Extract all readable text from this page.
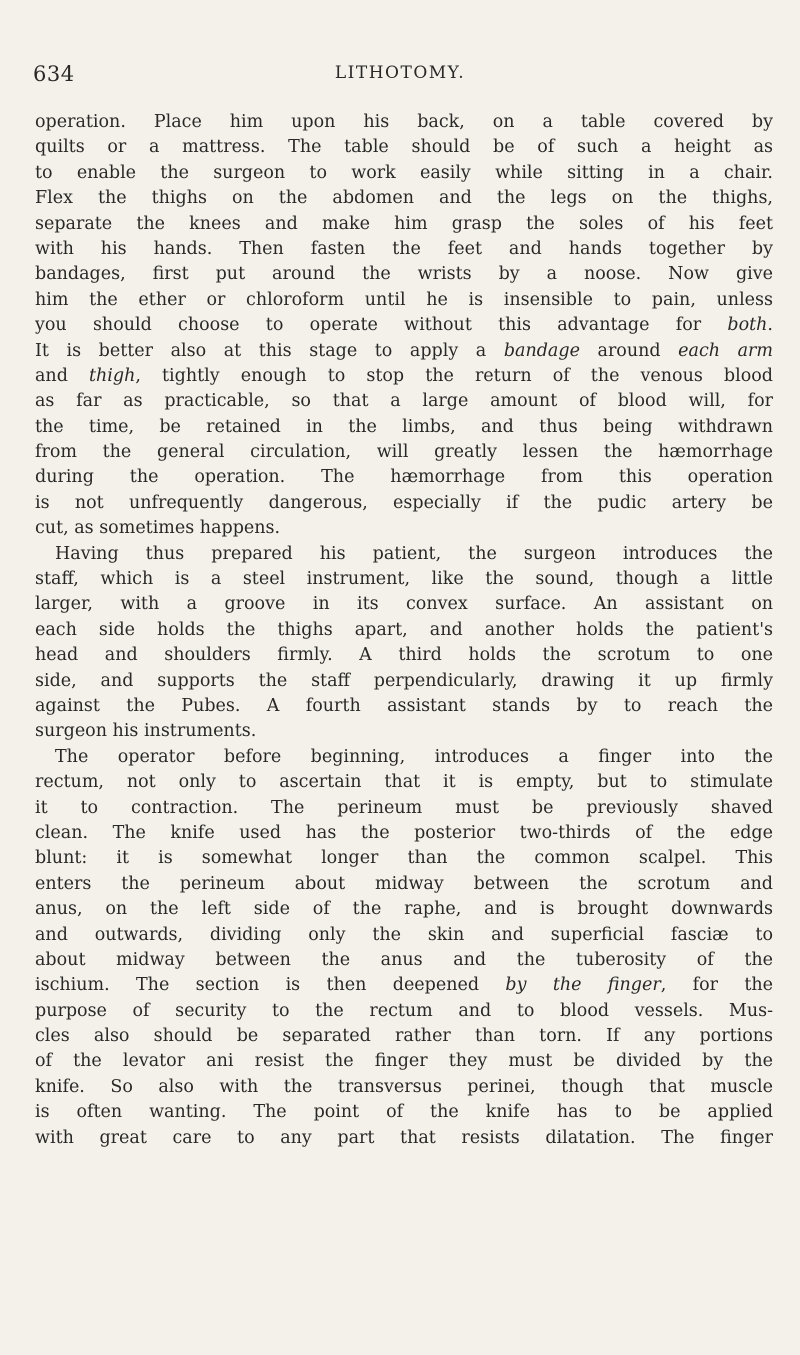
634	LITHOTOMY.
operation. Place him upon his back, on a table covered by
quilts or a mattress. The table should be of such a height as
to enable the surgeon to work easily while sitting in a chair.
Flex the thighs on the abdomen and the legs on the thighs,
separate the knees and make him grasp the soles of his feet
with his hands. Then fasten the feet and hands together by
bandages, first put around the wrists by a noose. Now give
him the ether or chloroform until he is insensible to pain, unless
you should choose to operate without this advantage for both.
It is better also at this stage to apply a bandage around each arm
and thigh, tightly enough to stop the return of the venous blood
as far as practicable, so that a large amount of blood will, for
the time, be retained in the limbs, and thus being withdrawn
from the general circulation, will greatly lessen the hæmorrhage
during the operation. The hæmorrhage from this operation
is not unfrequently dangerous, especially if the pudic artery be
cut, as sometimes happens.
Having thus prepared his patient, the surgeon introduces the
staff, which is a steel instrument, like the sound, though a little
larger, with a groove in its convex surface. An assistant on
each side holds the thighs apart, and another holds the patient's
head and shoulders firmly. A third holds the scrotum to one
side, and supports the staff perpendicularly, drawing it up firmly
against the Pubes. A fourth assistant stands by to reach the
surgeon his instruments.
The operator before beginning, introduces a finger into the
rectum, not only to ascertain that it is empty, but to stimulate
it to contraction. The perineum must be previously shaved
clean. The knife used has the posterior two-thirds of the edge
blunt: it is somewhat longer than the common scalpel. This
enters the perineum about midway between the scrotum and
anus, on the left side of the raphe, and is brought downwards
and outwards, dividing only the skin and superficial fasciæ to
about midway between the anus and the tuberosity of the
ischium. The section is then deepened by the finger, for the
purpose of security to the rectum and to blood vessels. Mus-
cles also should be separated rather than torn. If any portions
of the levator ani resist the finger they must be divided by the
knife. So also with the transversus perinei, though that muscle
is often wanting. The point of the knife has to be applied
with great care to any part that resists dilatation. The finger
